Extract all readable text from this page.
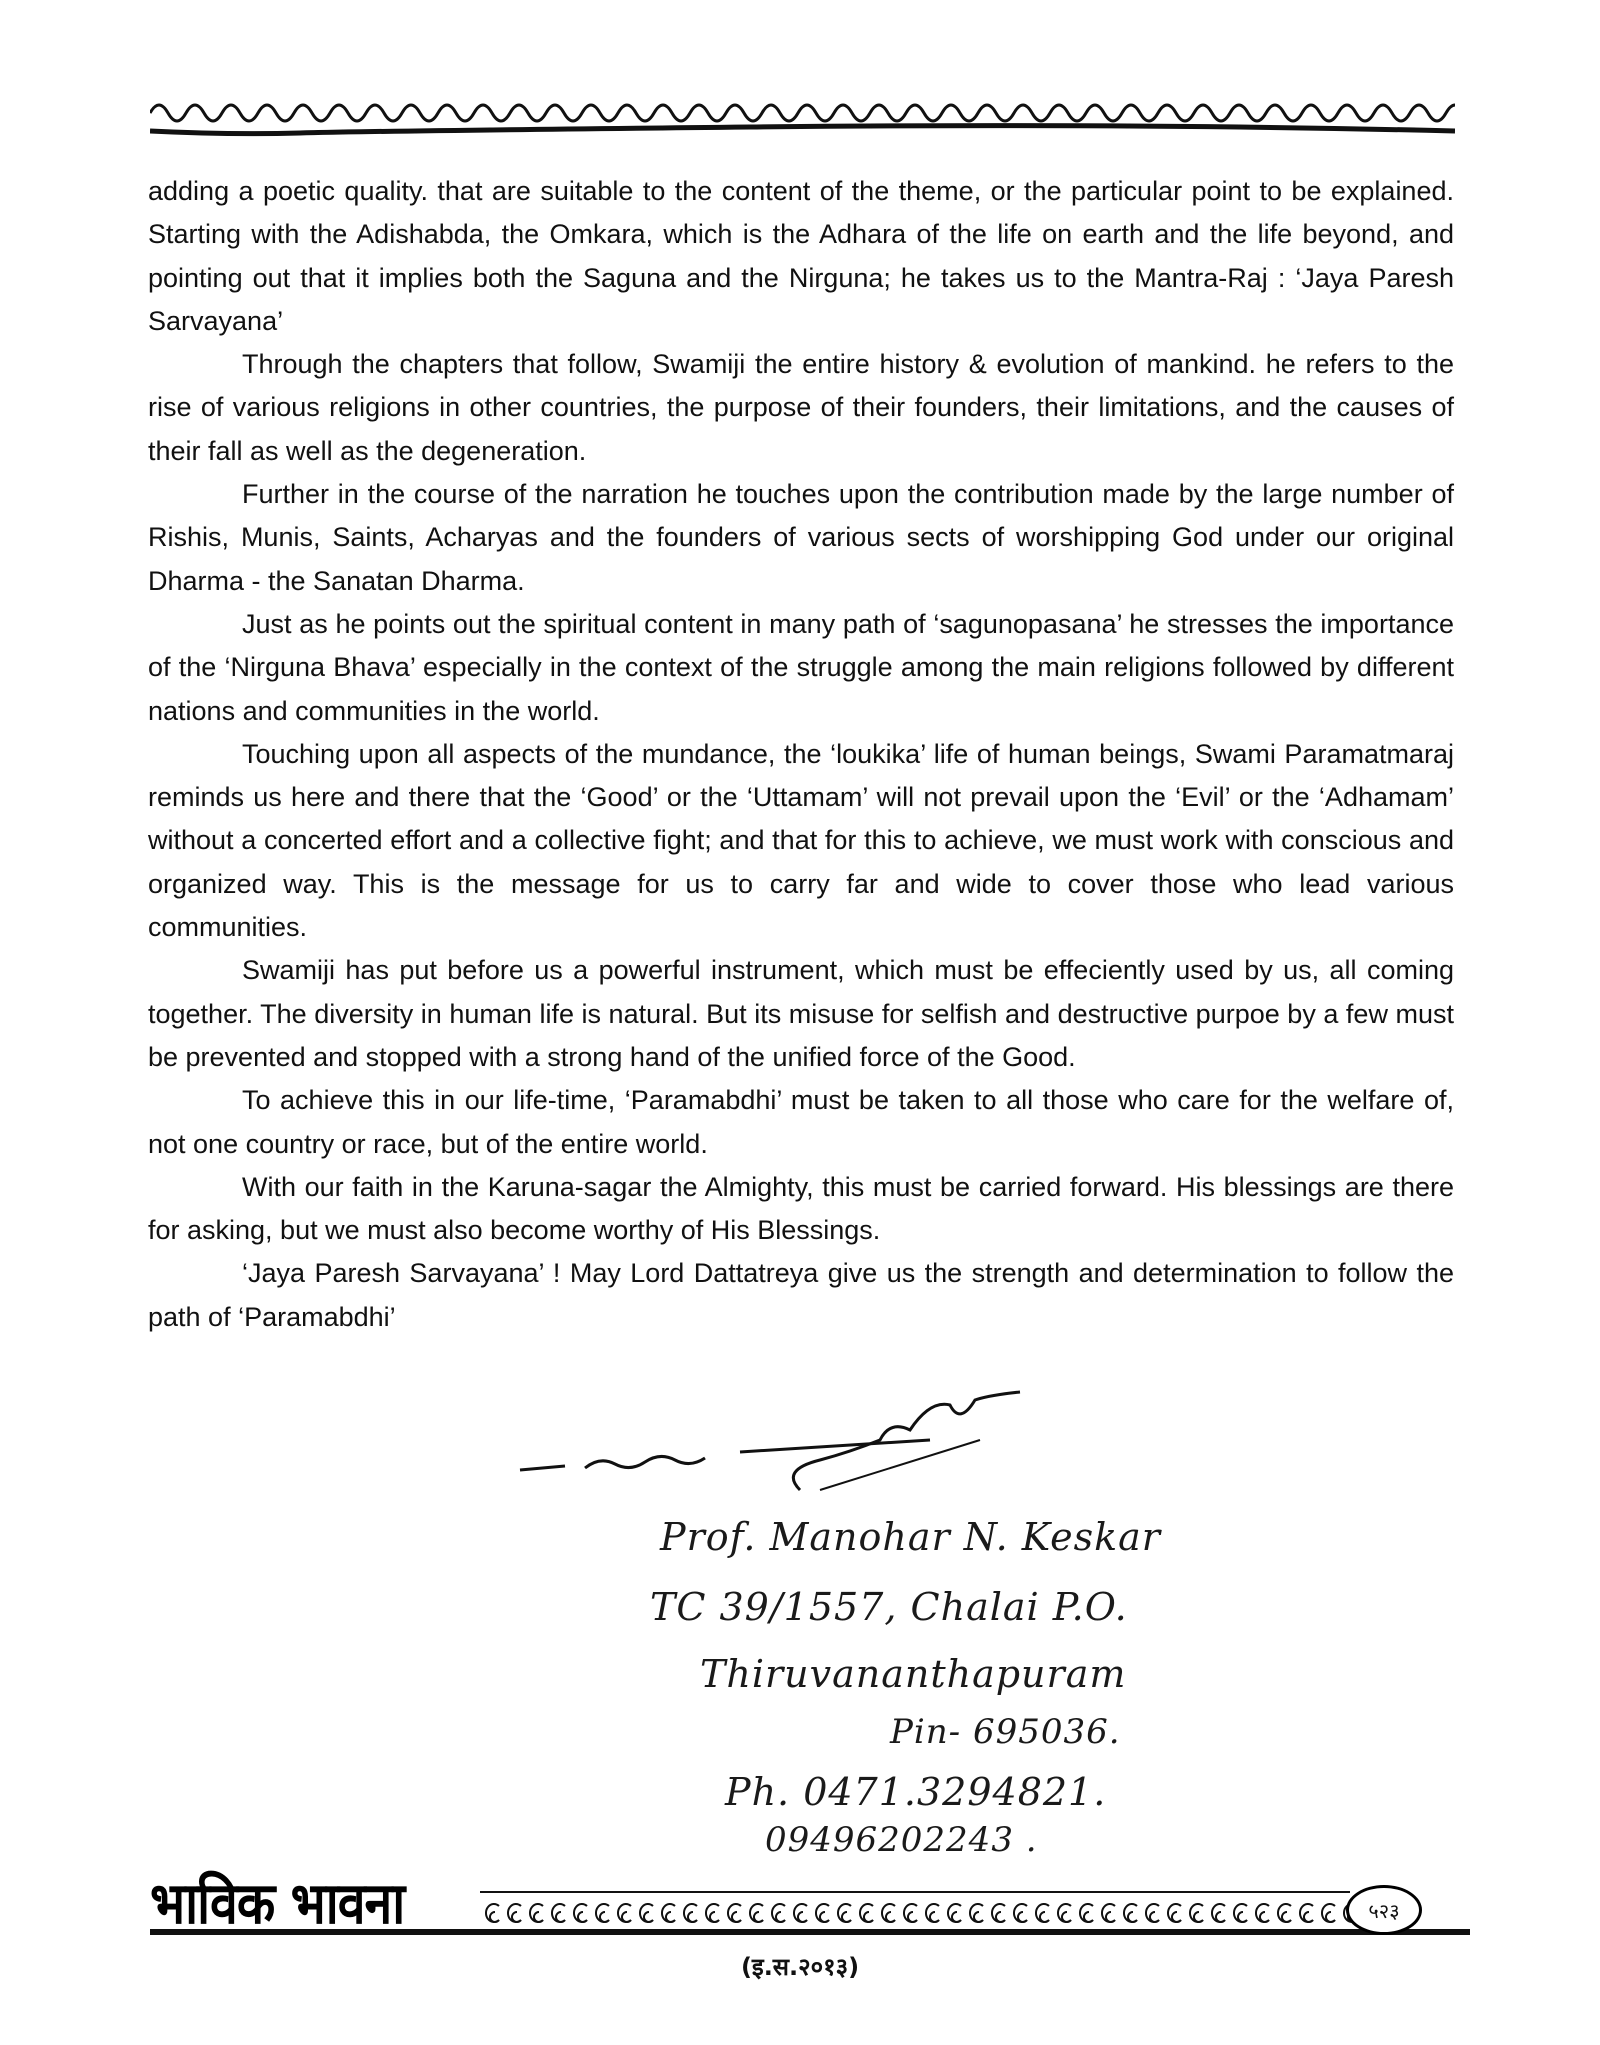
adding a poetic quality. that are suitable to the content of the theme, or the particular point to be explained. Starting with the Adishabda, the Omkara, which is the Adhara of the life on earth and the life beyond, and pointing out that it implies both the Saguna and the Nirguna; he takes us to the Mantra-Raj : ‘Jaya Paresh Sarvayana’

Through the chapters that follow, Swamiji the entire history & evolution of mankind. he refers to the rise of various religions in other countries, the purpose of their founders, their limitations, and the causes of their fall as well as the degeneration.

Further in the course of the narration he touches upon the contribution made by the large number of Rishis, Munis, Saints, Acharyas and the founders of various sects of worshipping God under our original Dharma - the Sanatan Dharma.

Just as he points out the spiritual content in many path of ‘sagunopasana’ he stresses the importance of the ‘Nirguna Bhava’ especially in the context of the struggle among the main religions followed by different nations and communities in the world.

Touching upon all aspects of the mundance, the ‘loukika’ life of human beings, Swami Paramatmaraj reminds us here and there that the ‘Good’ or the ‘Uttamam’ will not prevail upon the ‘Evil’ or the ‘Adhamam’ without a concerted effort and a collective fight; and that for this to achieve, we must work with conscious and organized way. This is the message for us to carry far and wide to cover those who lead various communities.

Swamiji has put before us a powerful instrument, which must be effeciently used by us, all coming together. The diversity in human life is natural. But its misuse for selfish and destructive purpoe by a few must be prevented and stopped with a strong hand of the unified force of the Good.

To achieve this in our life-time, ‘Paramabdhi’ must be taken to all those who care for the welfare of, not one country or race, but of the entire world.

With our faith in the Karuna-sagar the Almighty, this must be carried forward. His blessings are there for asking, but we must also become worthy of His Blessings.

‘Jaya Paresh Sarvayana’ ! May Lord Dattatreya give us the strength and determination to follow the path of ‘Paramabdhi’

Prof. Manohar N. Keskar
TC 39/1557, Chalai P.O.
Thiruvananthapuram
Pin- 695036.
Ph. 0471.3294821.
09496202243 .
भाविक भावना	५२३
(इ.स.२०१३)
